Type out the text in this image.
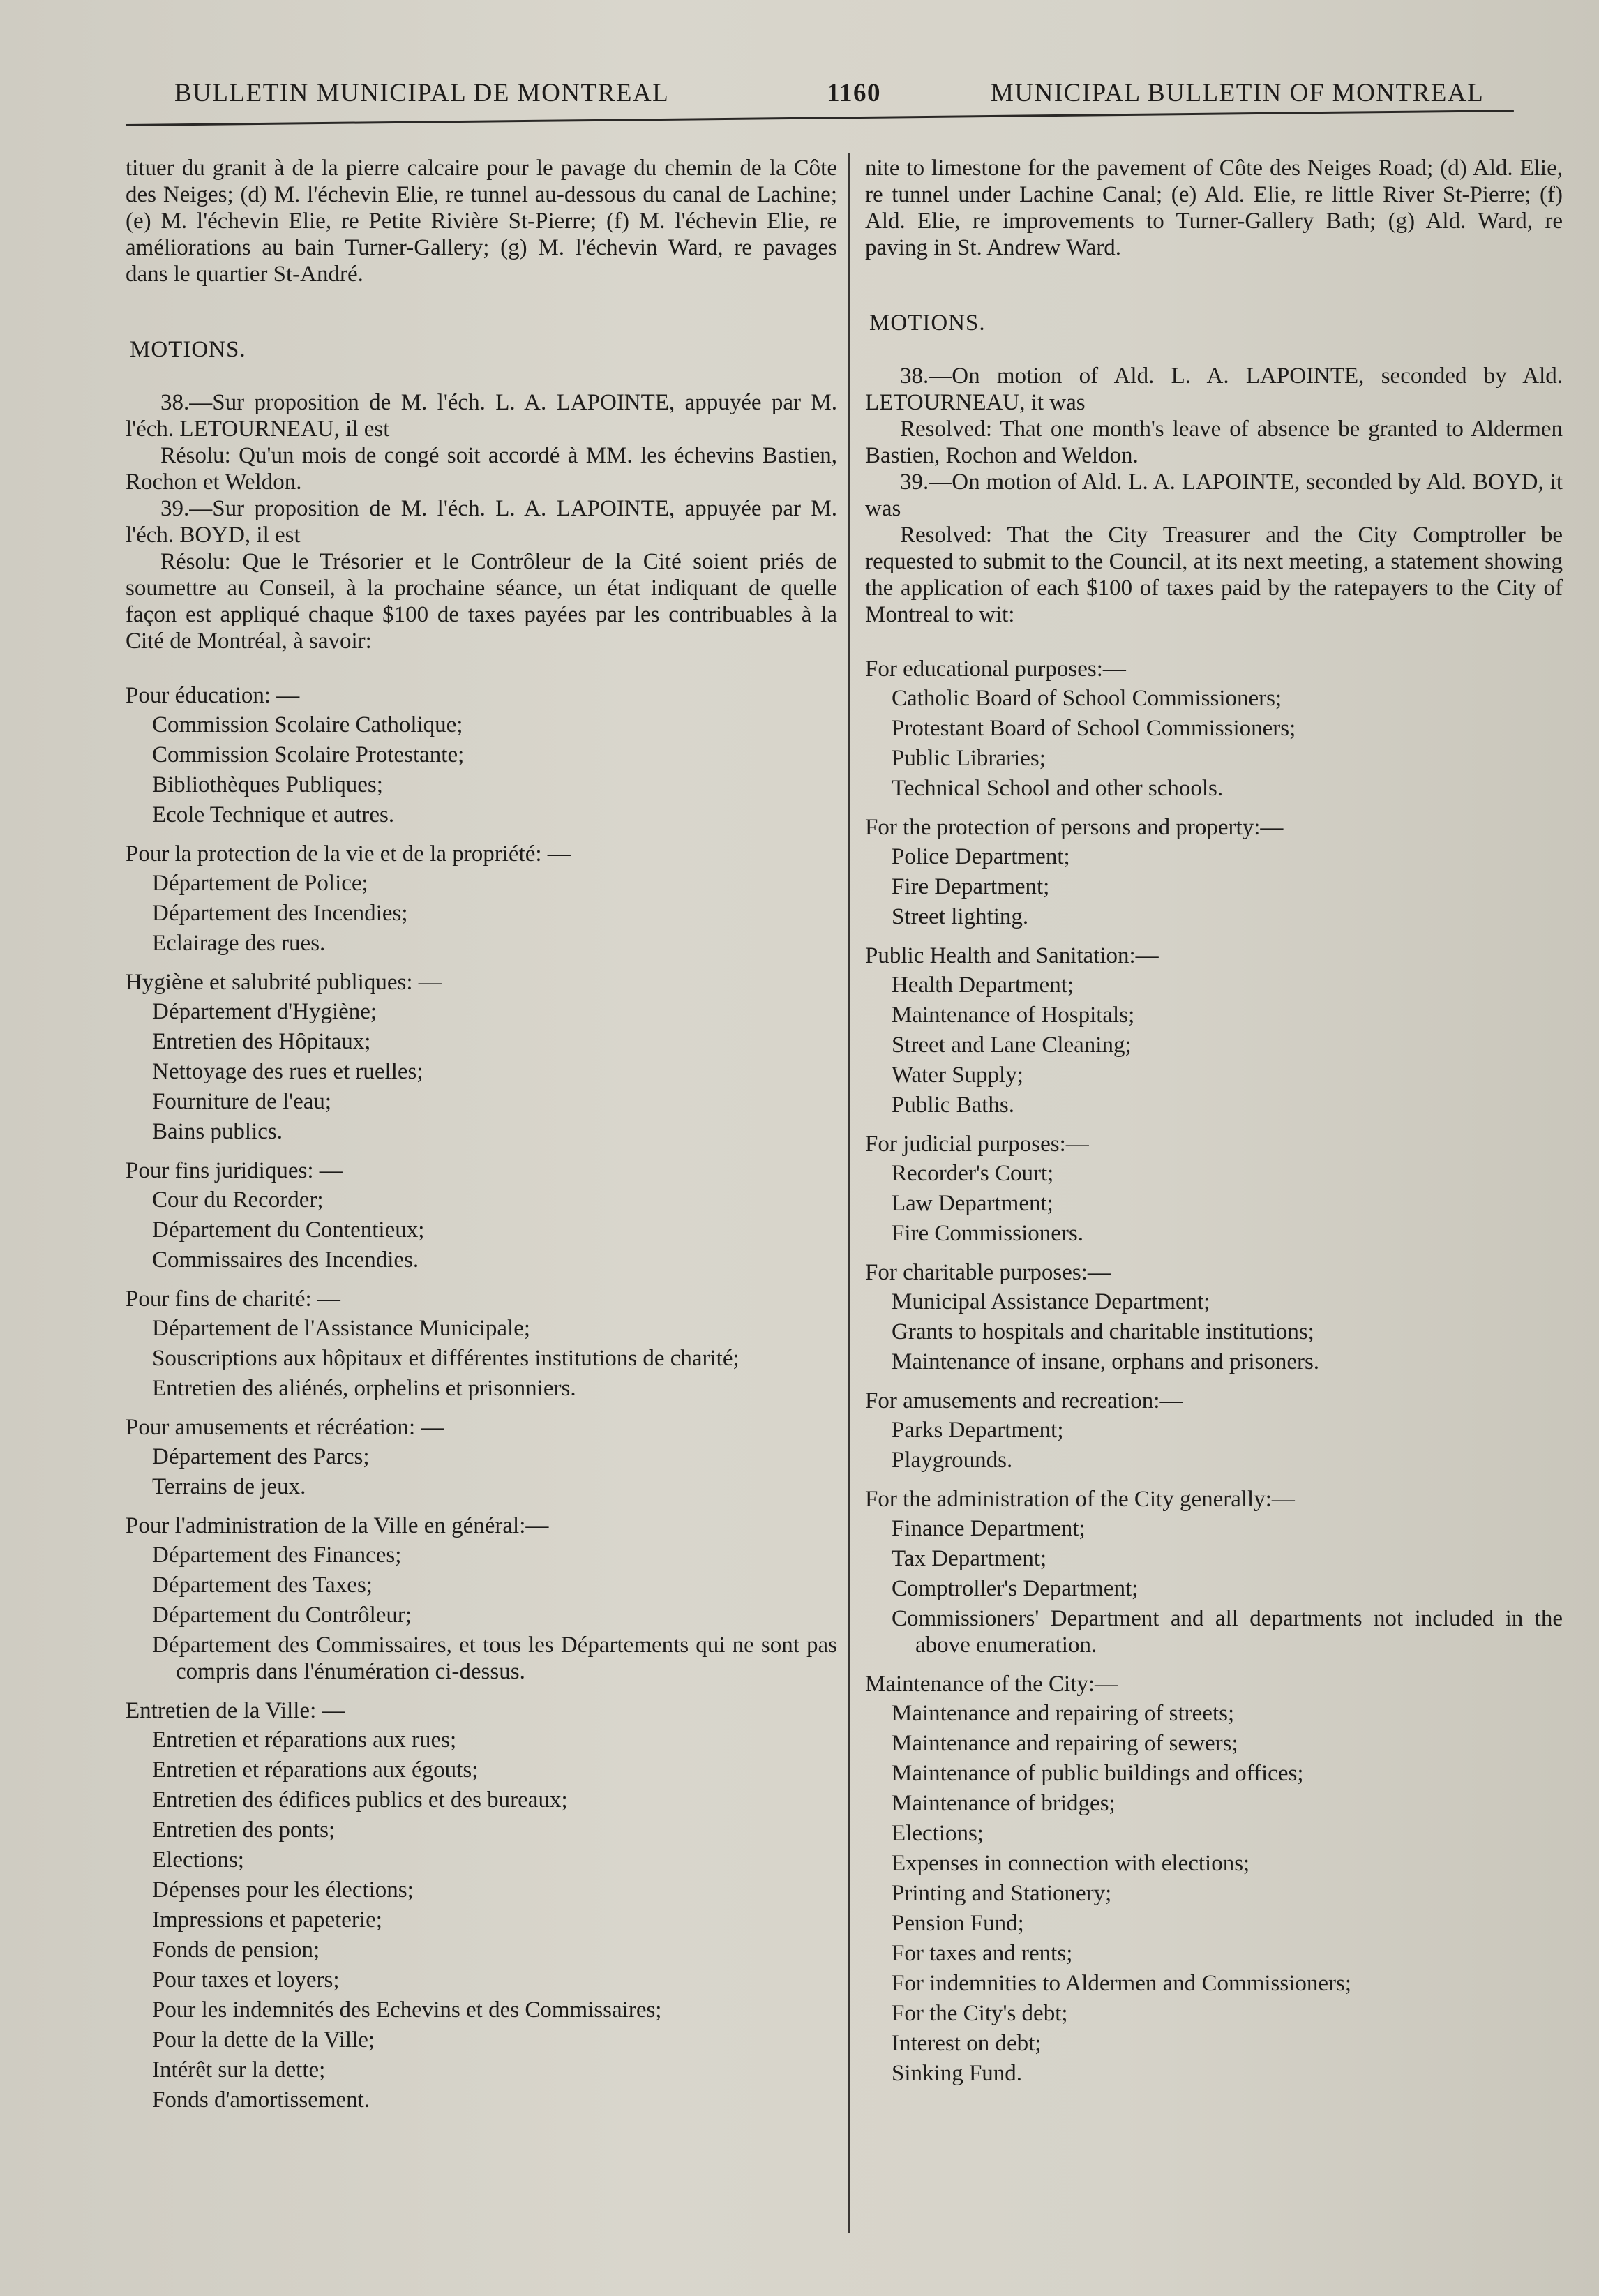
BULLETIN MUNICIPAL DE MONTREAL	1160	MUNICIPAL BULLETIN OF MONTREAL

tituer du granit à de la pierre calcaire pour le pavage du chemin de la Côte des Neiges; (d) M. l'échevin Elie, re tunnel au-dessous du canal de Lachine; (e) M. l'échevin Elie, re Petite Rivière St-Pierre; (f) M. l'échevin Elie, re améliorations au bain Turner-Gallery; (g) M. l'échevin Ward, re pavages dans le quartier St-André.

MOTIONS.

38.—Sur proposition de M. l'éch. L. A. LAPOINTE, appuyée par M. l'éch. LETOURNEAU, il est

Résolu: Qu'un mois de congé soit accordé à MM. les échevins Bastien, Rochon et Weldon.

39.—Sur proposition de M. l'éch. L. A. LAPOINTE, appuyée par M. l'éch. BOYD, il est

Résolu: Que le Trésorier et le Contrôleur de la Cité soient priés de soumettre au Conseil, à la prochaine séance, un état indiquant de quelle façon est appliqué chaque $100 de taxes payées par les contribuables à la Cité de Montréal, à savoir:

Pour éducation: —

Commission Scolaire Catholique;

Commission Scolaire Protestante;

Bibliothèques Publiques;

Ecole Technique et autres.

Pour la protection de la vie et de la propriété: —

Département de Police;

Département des Incendies;

Eclairage des rues.

Hygiène et salubrité publiques: —

Département d'Hygiène;

Entretien des Hôpitaux;

Nettoyage des rues et ruelles;

Fourniture de l'eau;

Bains publics.

Pour fins juridiques: —

Cour du Recorder;

Département du Contentieux;

Commissaires des Incendies.

Pour fins de charité: —

Département de l'Assistance Municipale;

Souscriptions aux hôpitaux et différentes institutions de charité;

Entretien des aliénés, orphelins et prisonniers.

Pour amusements et récréation: —

Département des Parcs;

Terrains de jeux.

Pour l'administration de la Ville en général:—

Département des Finances;

Département des Taxes;

Département du Contrôleur;

Département des Commissaires, et tous les Départements qui ne sont pas compris dans l'énumération ci-dessus.

Entretien de la Ville: —

Entretien et réparations aux rues;

Entretien et réparations aux égouts;

Entretien des édifices publics et des bureaux;

Entretien des ponts;

Elections;

Dépenses pour les élections;

Impressions et papeterie;

Fonds de pension;

Pour taxes et loyers;

Pour les indemnités des Echevins et des Commissaires;

Pour la dette de la Ville;

Intérêt sur la dette;

Fonds d'amortissement.

nite to limestone for the pavement of Côte des Neiges Road; (d) Ald. Elie, re tunnel under Lachine Canal; (e) Ald. Elie, re little River St-Pierre; (f) Ald. Elie, re improvements to Turner-Gallery Bath; (g) Ald. Ward, re paving in St. Andrew Ward.

MOTIONS.

38.—On motion of Ald. L. A. LAPOINTE, seconded by Ald. LETOURNEAU, it was

Resolved: That one month's leave of absence be granted to Aldermen Bastien, Rochon and Weldon.

39.—On motion of Ald. L. A. LAPOINTE, seconded by Ald. BOYD, it was

Resolved: That the City Treasurer and the City Comptroller be requested to submit to the Council, at its next meeting, a statement showing the application of each $100 of taxes paid by the ratepayers to the City of Montreal to wit:

For educational purposes:—

Catholic Board of School Commissioners;

Protestant Board of School Commissioners;

Public Libraries;

Technical School and other schools.

For the protection of persons and property:—

Police Department;

Fire Department;

Street lighting.

Public Health and Sanitation:—

Health Department;

Maintenance of Hospitals;

Street and Lane Cleaning;

Water Supply;

Public Baths.

For judicial purposes:—

Recorder's Court;

Law Department;

Fire Commissioners.

For charitable purposes:—

Municipal Assistance Department;

Grants to hospitals and charitable institutions;

Maintenance of insane, orphans and prisoners.

For amusements and recreation:—

Parks Department;

Playgrounds.

For the administration of the City generally:—

Finance Department;

Tax Department;

Comptroller's Department;

Commissioners' Department and all departments not included in the above enumeration.

Maintenance of the City:—

Maintenance and repairing of streets;

Maintenance and repairing of sewers;

Maintenance of public buildings and offices;

Maintenance of bridges;

Elections;

Expenses in connection with elections;

Printing and Stationery;

Pension Fund;

For taxes and rents;

For indemnities to Aldermen and Commissioners;

For the City's debt;

Interest on debt;

Sinking Fund.
